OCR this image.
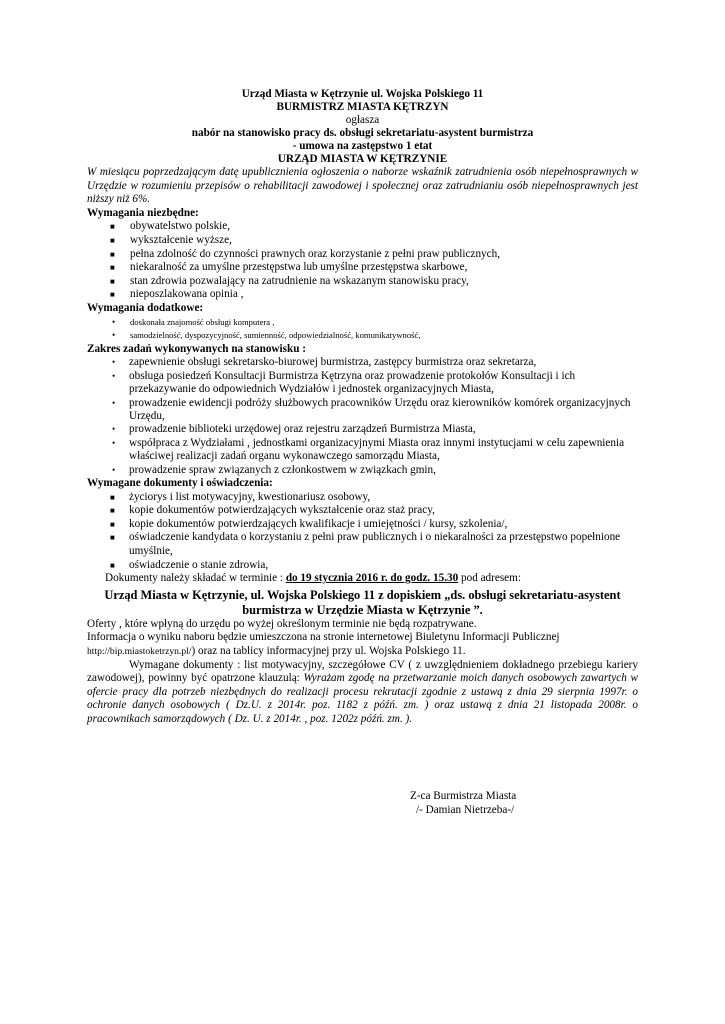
Urząd Miasta w Kętrzynie ul. Wojska Polskiego 11
BURMISTRZ MIASTA KĘTRZYN
ogłasza
nabór na stanowisko pracy ds. obsługi sekretariatu-asystent burmistrza
- umowa na zastępstwo 1 etat
URZĄD MIASTA W KĘTRZYNIE

W miesiącu poprzedzającym datę upublicznienia ogłoszenia o naborze wskaźnik zatrudnienia osób niepełnosprawnych w Urzędzie w rozumieniu przepisów o rehabilitacji zawodowej i społecznej oraz zatrudnianiu osób niepełnosprawnych jest niższy niż 6%.

Wymagania niezbędne:

■ obywatelstwo polskie,
■ wykształcenie wyższe,
■ pełna zdolność do czynności prawnych oraz korzystanie z pełni praw publicznych,
■ niekaralność za umyślne przestępstwa lub umyślne przestępstwa skarbowe,
■ stan zdrowia pozwalający na zatrudnienie na wskazanym stanowisku pracy,
■ nieposzlakowana opinia ,

Wymagania dodatkowe:

• doskonała znajomość obsługi komputera ,
• samodzielność, dyspozycyjność, sumienność, odpowiedzialność, komunikatywność,

Zakres zadań wykonywanych na stanowisku :

• zapewnienie obsługi sekretarsko-biurowej burmistrza, zastępcy burmistrza oraz sekretarza,
• obsługa posiedzeń Konsultacji Burmistrza Kętrzyna oraz prowadzenie protokołów Konsultacji i ich przekazywanie do odpowiednich Wydziałów i jednostek organizacyjnych Miasta,
• prowadzenie ewidencji podróży służbowych pracowników Urzędu oraz kierowników komórek organizacyjnych Urzędu,
• prowadzenie biblioteki urzędowej oraz rejestru zarządzeń Burmistrza Miasta,
• współpraca z Wydziałami , jednostkami organizacyjnymi Miasta oraz innymi instytucjami w celu zapewnienia właściwej realizacji zadań organu wykonawczego samorządu Miasta,
• prowadzenie spraw związanych z członkostwem w związkach gmin,

Wymagane dokumenty i oświadczenia:

■ życiorys i list motywacyjny, kwestionariusz osobowy,
■ kopie dokumentów potwierdzających wykształcenie oraz staż pracy,
■ kopie dokumentów potwierdzających kwalifikacje i umiejętności / kursy, szkolenia/,
■ oświadczenie kandydata o korzystaniu z pełni praw publicznych i o niekaralności za przestępstwo popełnione umyślnie,
■ oświadczenie o stanie zdrowia,

Dokumenty należy składać w terminie : do 19 stycznia 2016 r. do godz. 15.30 pod adresem:

Urząd Miasta w Kętrzynie, ul. Wojska Polskiego 11 z dopiskiem „ds. obsługi sekretariatu-asystent burmistrza w Urzędzie Miasta w Kętrzynie ”.

Oferty , które wpłyną do urzędu po wyżej określonym terminie nie będą rozpatrywane.

Informacja o wyniku naboru będzie umieszczona na stronie internetowej Biuletynu Informacji Publicznej

http://bip.miastoketrzyn.pl/) oraz na tablicy informacyjnej przy ul. Wojska Polskiego 11.

Wymagane dokumenty : list motywacyjny, szczegółowe CV ( z uwzględnieniem dokładnego przebiegu kariery zawodowej), powinny być opatrzone klauzulą: Wyrażam zgodę na przetwarzanie moich danych osobowych zawartych w ofercie pracy dla potrzeb niezbędnych do realizacji procesu rekrutacji zgodnie z ustawą z dnia 29 sierpnia 1997r. o ochronie danych osobowych ( Dz.U. z 2014r. poz. 1182 z późń. zm. ) oraz ustawą z dnia 21 listopada 2008r. o pracownikach samorządowych ( Dz. U. z 2014r. , poz. 1202z późń. zm. ).

Z-ca Burmistrza Miasta
/- Damian Nietrzeba-/
